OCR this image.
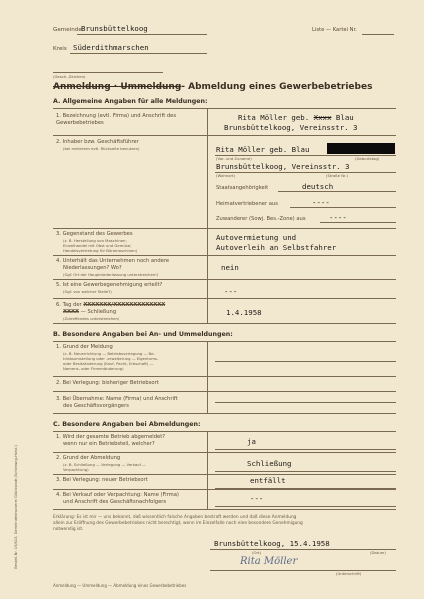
Gemeinde Brunsbüttelkoog	Liste — Kartei Nr.
Kreis Süderdithmarschen
(Gesch.-Zeichen)
Anmeldung · Ummeldung- Abmeldung eines Gewerbebetriebes
A. Allgemeine Angaben für alle Meldungen:
1. Bezeichnung (evtl. Firma) und Anschrift des Gewerbebetriebes
Rita Möller geb. Xxxx Blau
Brunsbüttelkoog, Vereinsstr. 3
2. Inhaber bzw. Geschäftsführer
(bei mehreren evtl. Rückseite benutzen)	Rita Möller geb. Blau
(Vor- und Zuname)	(Geburtstag)
Brunsbüttelkoog, Vereinsstr. 3
(Wohnort)	(Straße Nr.)
Staatsangehörigkeit	deutsch
Heimatvertriebener aus	----
Zuwanderer (Sowj. Bes.-Zone) aus	----
3. Gegenstand des Gewerbes
(z. B. Herstellung von Maschinen;
Einzelhandel mit Obst und Gemüse;
Handelsvertretung für Büromaschinen)
Autovermietung und
Autoverleih an Selbstfahrer
4. Unterhält das Unternehmen noch andere
Niederlassungen? Wo?
(Ggf. Ort der Hauptniederlassung unterstreichen!)
nein
5. Ist eine Gewerbegenehmigung erteilt?
(Ggf. von welcher Stelle?)	---
6. Tag der XXXXXXX/XXXXXXXXXXXXX
XXXX — Schließung
(Zutreffendes unterstreichen)
1.4.1958
B. Besondere Angaben bei An- und Ummeldungen:
1. Grund der Meldung
(z. B. Neuerrichtung — Betriebsverlegung — Be-
triebsumstellung oder -erweiterung — Eigentums-
oder Besitzänderung (Kauf, Pacht, Erbschaft) —
Namens- oder Firmenänderung)
2. Bei Verlegung: bisheriger Betriebsort
3. Bei Übernahme: Name (Firma) und Anschrift
des Geschäftsvorgängers
C. Besondere Angaben bei Abmeldungen:
1. Wird der gesamte Betrieb abgemeldet?
wenn nur ein Betriebsteil, welcher?	ja
2. Grund der Abmeldung
(z. B. Schließung — Verlegung — Verkauf —
Verpachtung)
Schließung
3. Bei Verlegung: neuer Betriebsort	entfällt
4. Bei Verkauf oder Verpachtung: Name (Firma)
und Anschrift des Geschäftsnachfolgers	---
Erklärung: Es ist mir — uns bekannt, daß wissentlich falsche Angaben bestraft werden und daß diese Anmeldung
allein zur Eröffnung des Gewerbebetriebes nicht berechtigt, wenn im Einzelfalle noch eine besondere Genehmigung
notwendig ist.
Brunsbüttelkoog, 15.4.1958
(Ort)	(Datum)
Rita Möller
(Unterschrift)
Bestell-Nr. 19/413, Gemeindedruckerei Glückstadt (Schleswig-Holst.)
Anmeldung — Ummeldung — Abmeldung eines Gewerbebetriebes
